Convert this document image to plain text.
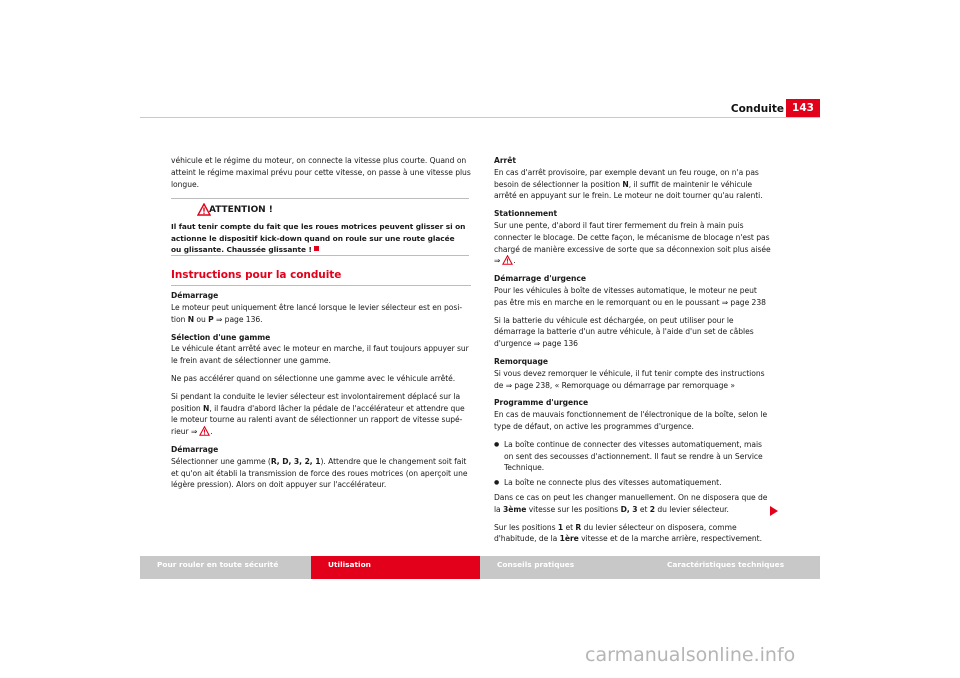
Conduite 143

véhicule et le régime du moteur, on connecte la vitesse plus courte. Quand on atteint le régime maximal prévu pour cette vitesse, on passe à une vitesse plus longue.

ATTENTION !
Il faut tenir compte du fait que les roues motrices peuvent glisser si on actionne le dispositif kick-down quand on roule sur une route glacée ou glissante. Chaussée glissante !
Instructions pour la conduite

Démarrage

Le moteur peut uniquement être lancé lorsque le levier sélecteur est en posi-tion N ou P ⇒ page 136.

Sélection d'une gamme

Le véhicule étant arrêté avec le moteur en marche, il faut toujours appuyer sur le frein avant de sélectionner une gamme.

Ne pas accélérer quand on sélectionne une gamme avec le véhicule arrêté.

Si pendant la conduite le levier sélecteur est involontairement déplacé sur la position N, il faudra d'abord lâcher la pédale de l'accélérateur et attendre que le moteur tourne au ralenti avant de sélectionner un rapport de vitesse supé-rieur ⇒ .

Démarrage

Sélectionner une gamme (R, D, 3, 2, 1). Attendre que le changement soit fait et qu'on ait établi la transmission de force des roues motrices (on aperçoit une légère pression). Alors on doit appuyer sur l'accélérateur.

Arrêt

En cas d'arrêt provisoire, par exemple devant un feu rouge, on n'a pas besoin de sélectionner la position N, il suffit de maintenir le véhicule arrêté en appuyant sur le frein. Le moteur ne doit tourner qu'au ralenti.

Stationnement

Sur une pente, d'abord il faut tirer fermement du frein à main puis connecter le blocage. De cette façon, le mécanisme de blocage n'est pas chargé de manière excessive de sorte que sa déconnexion soit plus aisée ⇒ .

Démarrage d'urgence

Pour les véhicules à boîte de vitesses automatique, le moteur ne peut pas être mis en marche en le remorquant ou en le poussant ⇒ page 238

Si la batterie du véhicule est déchargée, on peut utiliser pour le démarrage la batterie d'un autre véhicule, à l'aide d'un set de câbles d'urgence ⇒ page 136

Remorquage

Si vous devez remorquer le véhicule, il fut tenir compte des instructions de ⇒ page 238, « Remorquage ou démarrage par remorquage »

Programme d'urgence

En cas de mauvais fonctionnement de l'électronique de la boîte, selon le type de défaut, on active les programmes d'urgence.

● La boîte continue de connecter des vitesses automatiquement, mais on sent des secousses d'actionnement. Il faut se rendre à un Service Technique.
● La boîte ne connecte plus des vitesses automatiquement.

Dans ce cas on peut les changer manuellement. On ne disposera que de la 3ème vitesse sur les positions D, 3 et 2 du levier sélecteur.

Sur les positions 1 et R du levier sélecteur on disposera, comme d'habitude, de la 1ère vitesse et de la marche arrière, respectivement.

Pour rouler en toute sécurité	Utilisation	Conseils pratiques	Caractéristiques techniques
carmanualsonline.info
